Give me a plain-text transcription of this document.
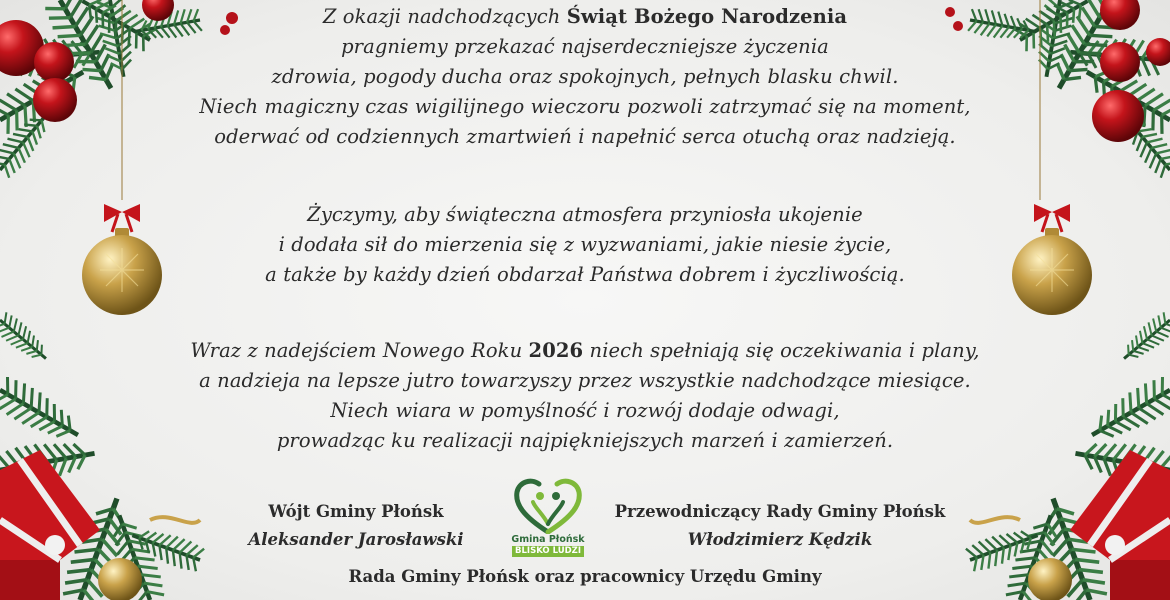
Z okazji nadchodzących Świąt Bożego Narodzenia
pragniemy przekazać najserdeczniejsze życzenia
zdrowia, pogody ducha oraz spokojnych, pełnych blasku chwil.
Niech magiczny czas wigilijnego wieczoru pozwoli zatrzymać się na moment,
oderwać od codziennych zmartwień i napełnić serca otuchą oraz nadzieją.

Życzymy, aby świąteczna atmosfera przyniosła ukojenie
i dodała sił do mierzenia się z wyzwaniami, jakie niesie życie,
a także by każdy dzień obdarzał Państwa dobrem i życzliwością.

Wraz z nadejściem Nowego Roku 2026 niech spełniają się oczekiwania i plany,
a nadzieja na lepsze jutro towarzyszy przez wszystkie nadchodzące miesiące.
Niech wiara w pomyślność i rozwój dodaje odwagi,
prowadząc ku realizacji najpiękniejszych marzeń i zamierzeń.

Wójt Gminy Płońsk
Aleksander Jarosławski	Gmina Płońsk
BLISKO LUDZI
Przewodniczący Rady Gminy Płońsk
Włodzimierz Kędzik
Rada Gminy Płońsk oraz pracownicy Urzędu Gminy
